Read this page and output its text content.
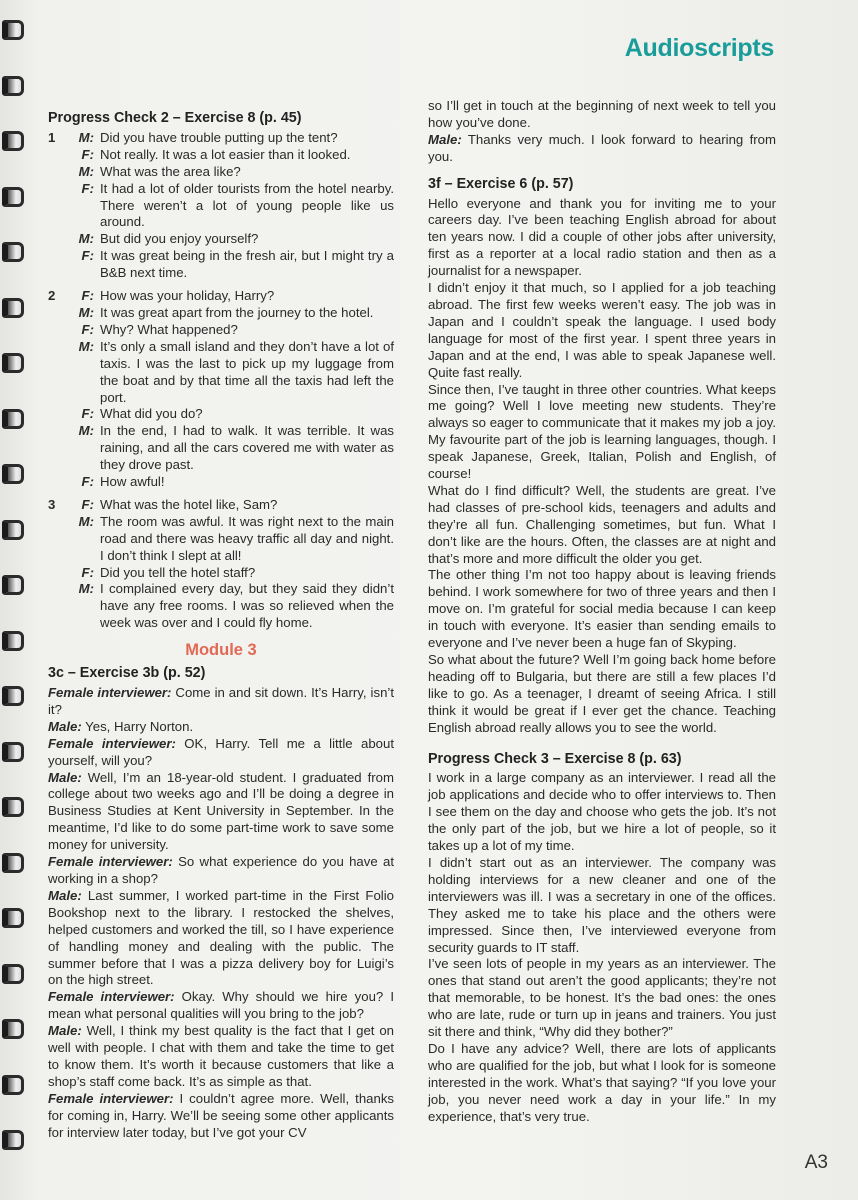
Audioscripts
Progress Check 2 – Exercise 8 (p. 45)
1	M: Did you have trouble putting up the tent?
F: Not really. It was a lot easier than it looked.
M: What was the area like?
F: It had a lot of older tourists from the hotel nearby. There weren’t a lot of young people like us around.
M: But did you enjoy yourself?
F: It was great being in the fresh air, but I might try a B&B next time.
2	F: How was your holiday, Harry?
M: It was great apart from the journey to the hotel.
F: Why? What happened?
M: It’s only a small island and they don’t have a lot of taxis. I was the last to pick up my luggage from the boat and by that time all the taxis had left the port.
F: What did you do?
M: In the end, I had to walk. It was terrible. It was raining, and all the cars covered me with water as they drove past.
F: How awful!
3	F: What was the hotel like, Sam?
M: The room was awful. It was right next to the main road and there was heavy traffic all day and night. I don’t think I slept at all!
F: Did you tell the hotel staff?
M: I complained every day, but they said they didn’t have any free rooms. I was so relieved when the week was over and I could fly home.
Module 3
3c – Exercise 3b (p. 52)

Female interviewer: Come in and sit down. It’s Harry, isn’t it?

Male: Yes, Harry Norton.

Female interviewer: OK, Harry. Tell me a little about yourself, will you?

Male: Well, I’m an 18-year-old student. I graduated from college about two weeks ago and I’ll be doing a degree in Business Studies at Kent University in September. In the meantime, I’d like to do some part-time work to save some money for university.

Female interviewer: So what experience do you have at working in a shop?

Male: Last summer, I worked part-time in the First Folio Bookshop next to the library. I restocked the shelves, helped customers and worked the till, so I have experience of handling money and dealing with the public. The summer before that I was a pizza delivery boy for Luigi’s on the high street.

Female interviewer: Okay. Why should we hire you? I mean what personal qualities will you bring to the job?

Male: Well, I think my best quality is the fact that I get on well with people. I chat with them and take the time to get to know them. It’s worth it because customers that like a shop’s staff come back. It’s as simple as that.

Female interviewer: I couldn’t agree more. Well, thanks for coming in, Harry. We’ll be seeing some other applicants for interview later today, but I’ve got your CV

so I’ll get in touch at the beginning of next week to tell you how you’ve done.

Male: Thanks very much. I look forward to hearing from you.

3f – Exercise 6 (p. 57)

Hello everyone and thank you for inviting me to your careers day. I’ve been teaching English abroad for about ten years now. I did a couple of other jobs after university, first as a reporter at a local radio station and then as a journalist for a newspaper.

I didn’t enjoy it that much, so I applied for a job teaching abroad. The first few weeks weren’t easy. The job was in Japan and I couldn’t speak the language. I used body language for most of the first year. I spent three years in Japan and at the end, I was able to speak Japanese well. Quite fast really.

Since then, I’ve taught in three other countries. What keeps me going? Well I love meeting new students. They’re always so eager to communicate that it makes my job a joy. My favourite part of the job is learning languages, though. I speak Japanese, Greek, Italian, Polish and English, of course!

What do I find difficult? Well, the students are great. I’ve had classes of pre-school kids, teenagers and adults and they’re all fun. Challenging sometimes, but fun. What I don’t like are the hours. Often, the classes are at night and that’s more and more difficult the older you get.

The other thing I’m not too happy about is leaving friends behind. I work somewhere for two of three years and then I move on. I’m grateful for social media because I can keep in touch with everyone. It’s easier than sending emails to everyone and I’ve never been a huge fan of Skyping.

So what about the future? Well I’m going back home before heading off to Bulgaria, but there are still a few places I’d like to go. As a teenager, I dreamt of seeing Africa. I still think it would be great if I ever get the chance. Teaching English abroad really allows you to see the world.

Progress Check 3 – Exercise 8 (p. 63)

I work in a large company as an interviewer. I read all the job applications and decide who to offer interviews to. Then I see them on the day and choose who gets the job. It’s not the only part of the job, but we hire a lot of people, so it takes up a lot of my time.

I didn’t start out as an interviewer. The company was holding interviews for a new cleaner and one of the interviewers was ill. I was a secretary in one of the offices. They asked me to take his place and the others were impressed. Since then, I’ve interviewed everyone from security guards to IT staff.

I’ve seen lots of people in my years as an interviewer. The ones that stand out aren’t the good applicants; they’re not that memorable, to be honest. It’s the bad ones: the ones who are late, rude or turn up in jeans and trainers. You just sit there and think, “Why did they bother?”

Do I have any advice? Well, there are lots of applicants who are qualified for the job, but what I look for is someone interested in the work. What’s that saying? “If you love your job, you never need work a day in your life.” In my experience, that’s very true.

A3
